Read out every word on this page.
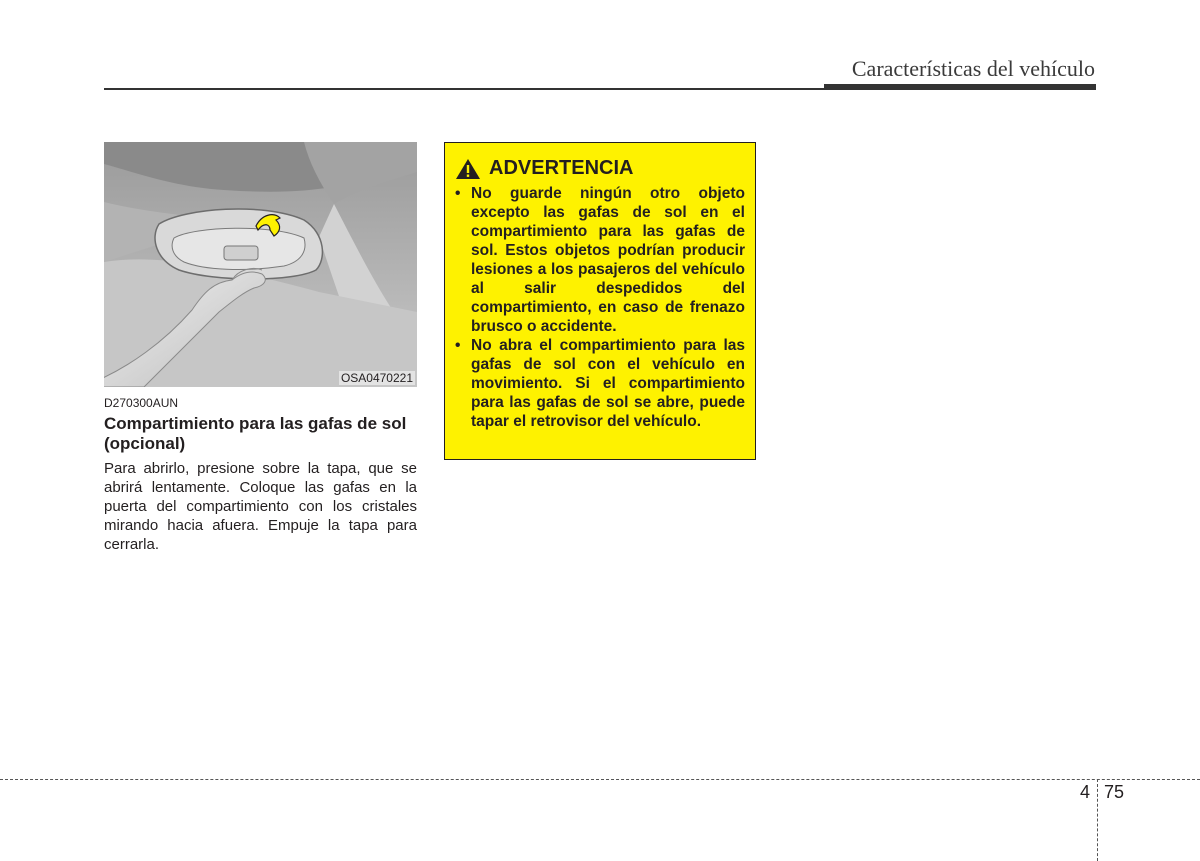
Características del vehículo
OSA0470221
D270300AUN
Compartimiento para las gafas de sol (opcional)
Para abrirlo, presione sobre la tapa, que se abrirá lentamente. Coloque las gafas en la puerta del compartimiento con los cristales mirando hacia afuera. Empuje la tapa para cerrarla.
ADVERTENCIA
• No guarde ningún otro objeto excepto las gafas de sol en el compartimiento para las gafas de sol. Estos objetos podrían producir lesiones a los pasajeros del vehículo al salir despedidos del compartimiento, en caso de frenazo brusco o accidente.
• No abra el compartimiento para las gafas de sol con el vehículo en movimiento. Si el compartimiento para las gafas de sol se abre, puede tapar el retrovisor del vehículo.
4 75
